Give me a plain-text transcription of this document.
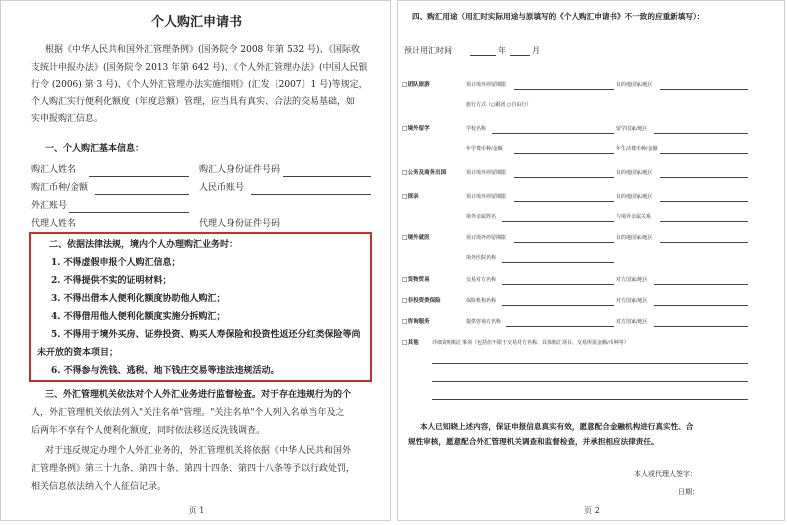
个人购汇申请书
根据《中华人民共和国外汇管理条例》(国务院令 2008 年第 532 号)、《国际收
支统计申报办法》(国务院令 2013 年第 642 号)、《个人外汇管理办法》(中国人民银
行令 (2006) 第 3 号)、《个人外汇管理办法实施细则》(汇发〔2007〕1 号)等规定，
个人购汇实行便利化额度（年度总额）管理，应当具有真实、合法的交易基础，如
实申报购汇信息。
一、个人购汇基本信息：
购汇人姓名	购汇人身份证件号码
购汇币种/金额	人民币账号
外汇账号
代理人姓名	代理人身份证件号码
二、依据法律法规，境内个人办理购汇业务时：
1. 不得虚假申报个人购汇信息；
2. 不得提供不实的证明材料；
3. 不得出借本人便利化额度协助他人购汇；
4. 不得借用他人便利化额度实施分拆购汇；
5. 不得用于境外买房、证券投资、购买人寿保险和投资性返还分红类保险等尚
未开放的资本项目；
6. 不得参与洗钱、逃税、地下钱庄交易等违法违规活动。
三、外汇管理机关依法对个人外汇业务进行监督检查。对于存在违规行为的个
人，外汇管理机关依法列入"关注名单"管理。"关注名单"个人列入名单当年及之
后两年不享有个人便利化额度，同时依法移送反洗钱调查。
对于违反规定办理个人外汇业务的，外汇管理机关将依据《中华人民共和国外
汇管理条例》第三十九条、第四十条、第四十四条、第四十八条等予以行政处罚，
相关信息依法纳入个人征信记录。
页 1
四、购汇用途（用汇时实际用途与原填写的《个人购汇申请书》不一致的应重新填写）：
预计用汇时间	年	月
□团队旅游	预计境外停留期限	目的地国家/地区
旅行方式（○跟团 ○自由行）
□境外留学	学校名称	留学国家/地区
年学费币种/金额	年生活费币种/金额
□公务及商务出国	预计境外停留期限	目的地国家/地区
□探亲	预计境外停留期限	目的地国家/地区
境外亲属姓名	与境外亲属关系
□境外就医	预计境外停留期限	目的地国家/地区
境外医院名称
□货物贸易	交易对方名称	对方国家/地区
□非投资类保险	保险机构名称	对方国家/地区
□咨询服务	提供咨询方名称	对方国家/地区
□其他	详细说明购汇事项（包括但不限于交易对方名称、具体购汇项目、交易所需金额/币种等）
本人已知晓上述内容，保证申报信息真实有效，愿意配合金融机构进行真实性、合
规性审核，愿意配合外汇管理机关调查和监督检查，并承担相应法律责任。
本人或代理人签字：
日期：
页 2
